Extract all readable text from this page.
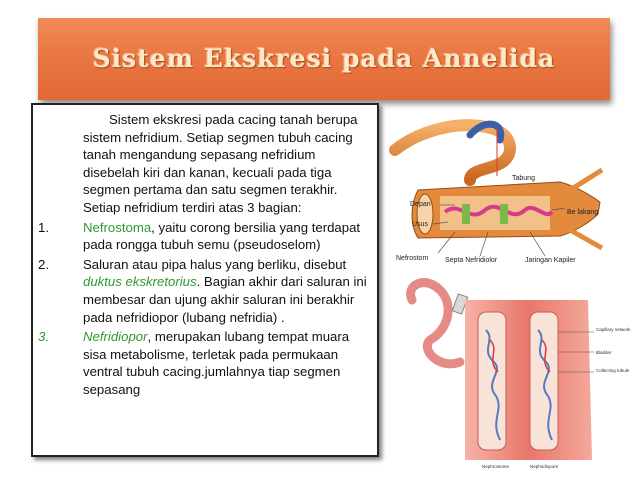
Sistem Ekskresi pada Annelida
Sistem ekskresi pada cacing tanah berupa sistem nefridium. Setiap segmen tubuh cacing tanah mengandung sepasang nefridium disebelah kiri dan kanan, kecuali pada tiga segmen pertama dan satu segmen terakhir. Setiap nefridium terdiri atas 3 bagian:
1.	Nefrostoma, yaitu corong bersilia yang terdapat pada rongga tubuh semu (pseudoselom)
2.	Saluran atau pipa halus yang berliku, disebut duktus ekskretorius. Bagian akhir dari saluran ini membesar dan ujung akhir saluran ini berakhir pada nefridiopor (lubang nefridia) .
3.	Nefridiopor, merupakan lubang tempat muara sisa metabolisme, terletak pada permukaan ventral tubuh cacing.jumlahnya tiap segmen sepasang
Tabung
Depan
Usus
Be lakang
Nefrostom Septa Nefridiolor	Jaringan Kapiler
Capillary network
Bladder
Collecting tubule
Nephrostome	Nephridiopore
